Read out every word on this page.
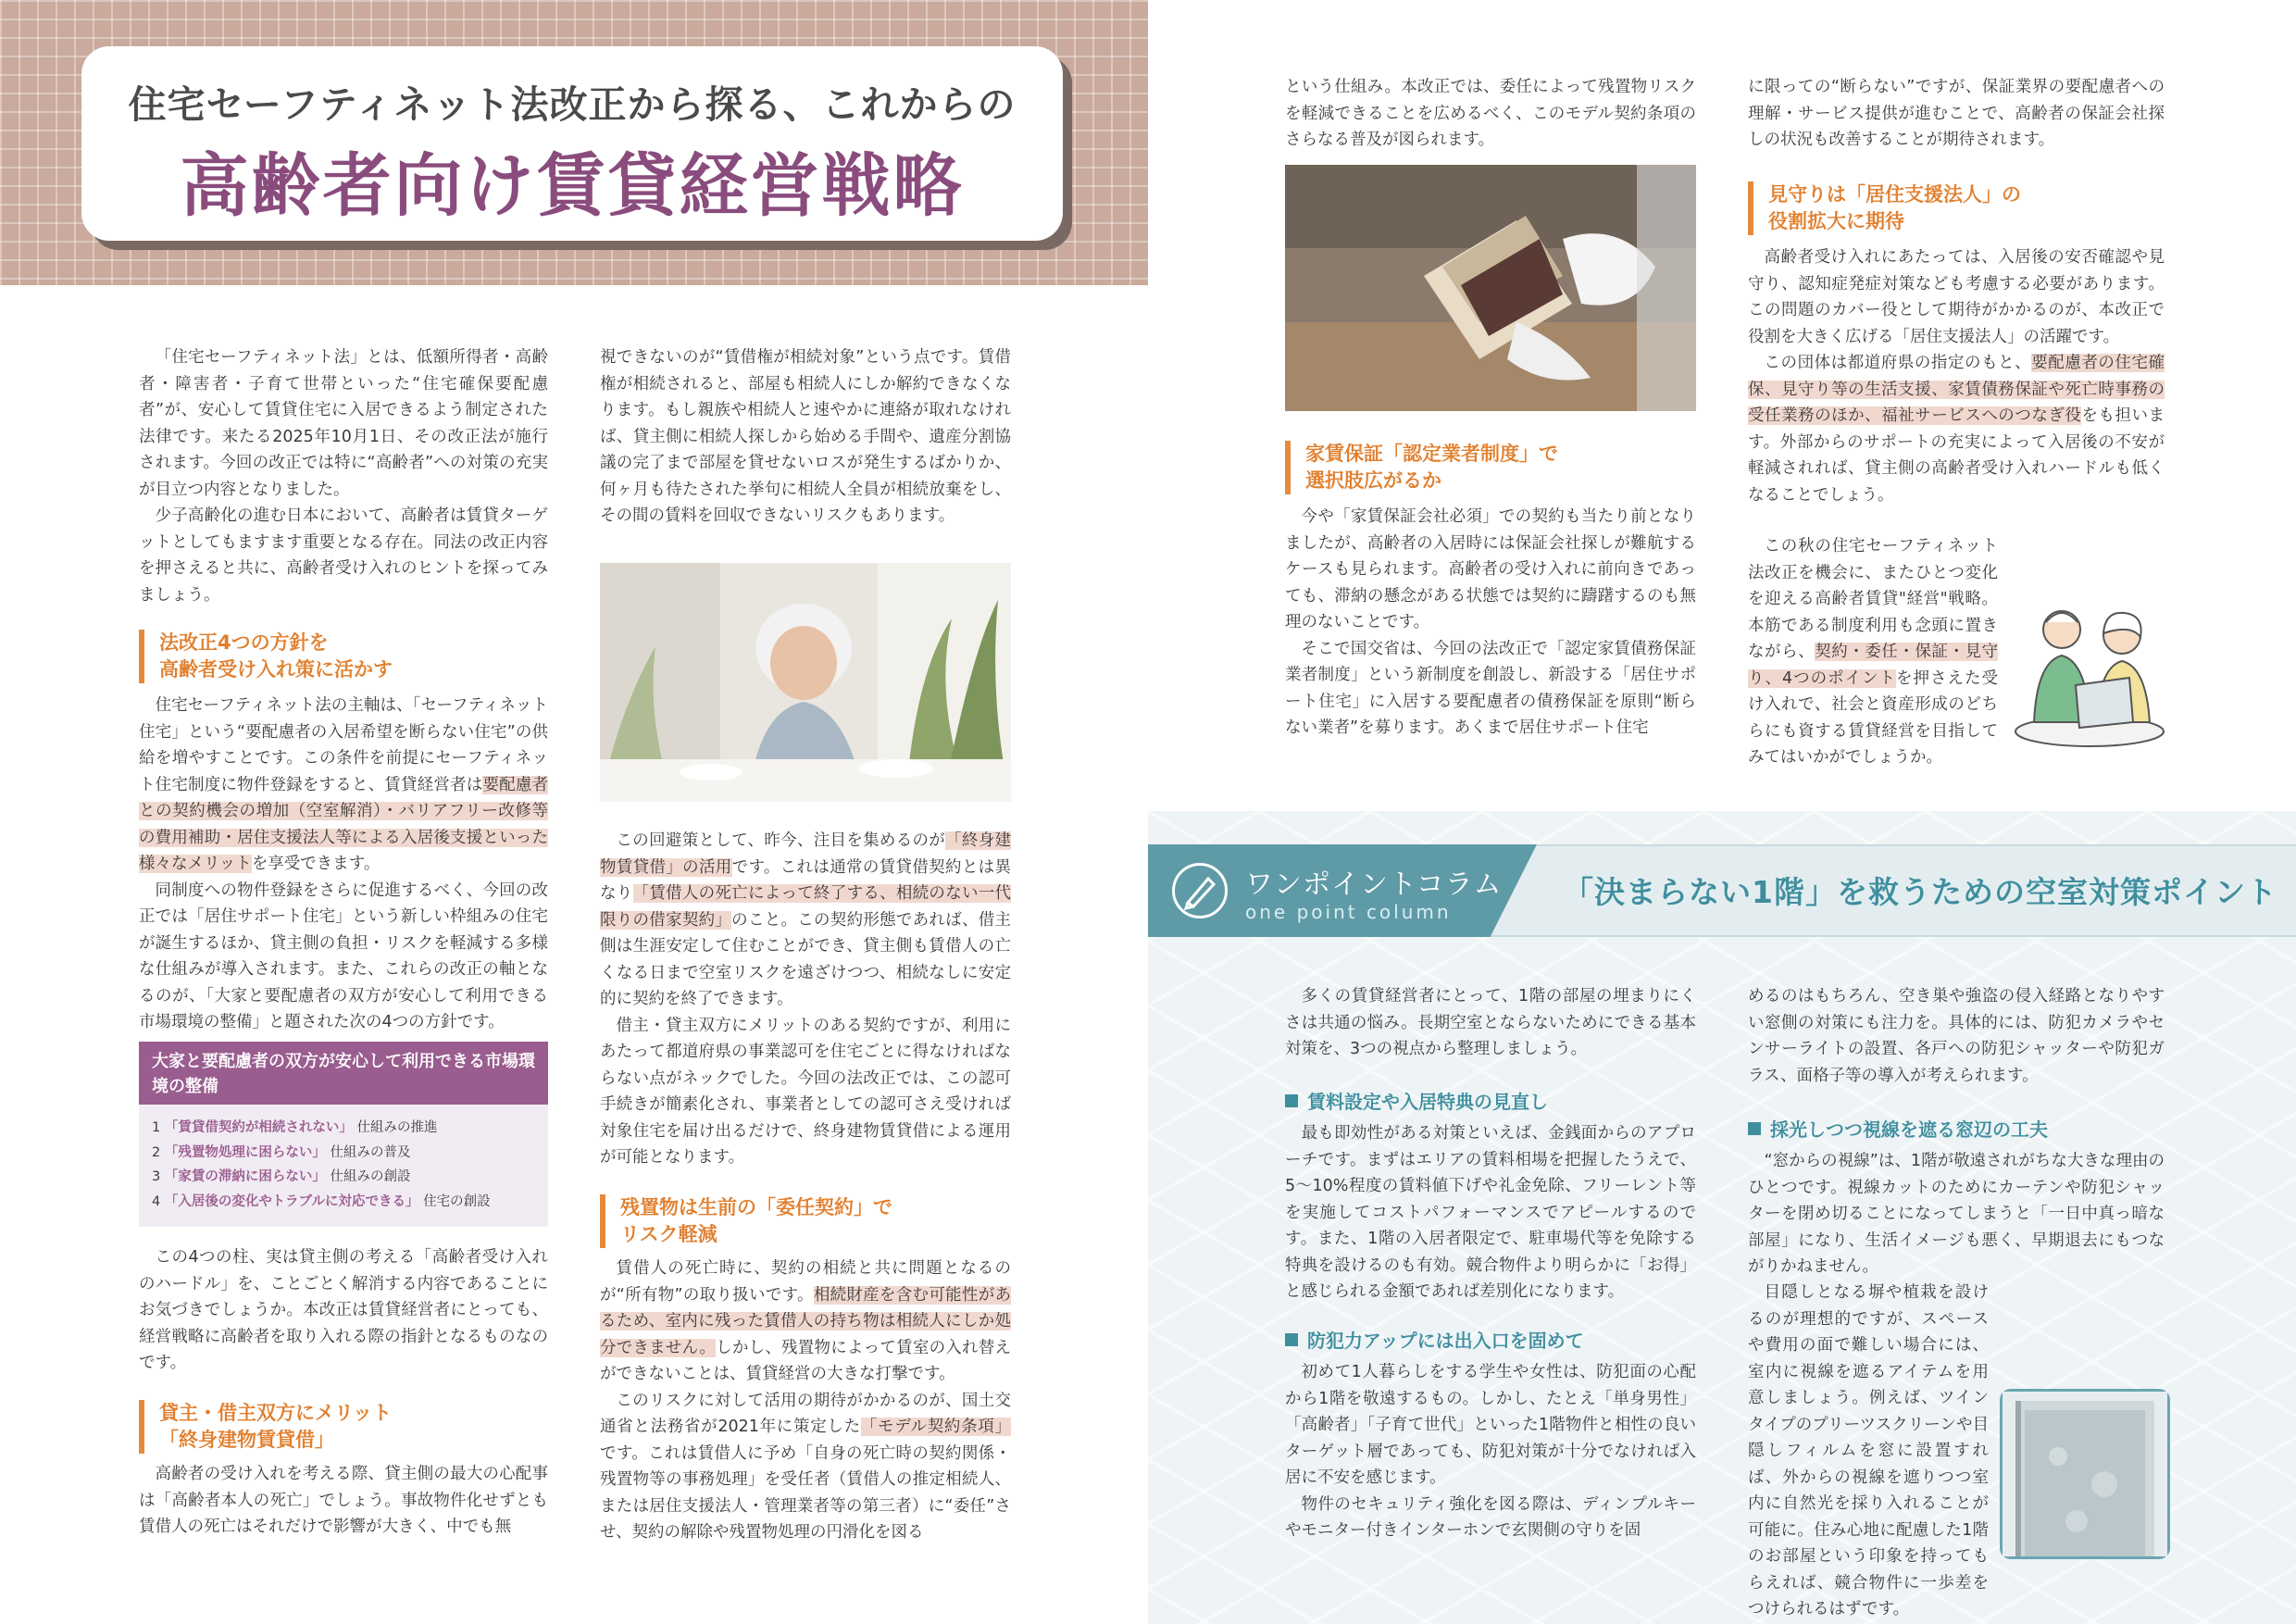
住宅セーフティネット法改正から探る、これからの
高齢者向け賃貸経営戦略

「住宅セーフティネット法」とは、低額所得者・高齢者・障害者・子育て世帯といった“住宅確保要配慮者”が、安心して賃貸住宅に入居できるよう制定された法律です。来たる2025年10月1日、その改正法が施行されます。今回の改正では特に“高齢者”への対策の充実が目立つ内容となりました。

少子高齢化の進む日本において、高齢者は賃貸ターゲットとしてもますます重要となる存在。同法の改正内容を押さえると共に、高齢者受け入れのヒントを探ってみましょう。

法改正4つの方針を
高齢者受け入れ策に活かす

住宅セーフティネット法の主軸は、「セーフティネット住宅」という“要配慮者の入居希望を断らない住宅”の供給を増やすことです。この条件を前提にセーフティネット住宅制度に物件登録をすると、賃貸経営者は要配慮者との契約機会の増加（空室解消）・バリアフリー改修等の費用補助・居住支援法人等による入居後支援といった様々なメリットを享受できます。

同制度への物件登録をさらに促進するべく、今回の改正では「居住サポート住宅」という新しい枠組みの住宅が誕生するほか、貸主側の負担・リスクを軽減する多様な仕組みが導入されます。また、これらの改正の軸となるのが、「大家と要配慮者の双方が安心して利用できる市場環境の整備」と題された次の4つの方針です。

大家と要配慮者の双方が安心して利用できる市場環境の整備
1 「賃貸借契約が相続されない」 仕組みの推進
2 「残置物処理に困らない」 仕組みの普及
3 「家賃の滞納に困らない」 仕組みの創設
4 「入居後の変化やトラブルに対応できる」 住宅の創設

この4つの柱、実は貸主側の考える「高齢者受け入れのハードル」を、ことごとく解消する内容であることにお気づきでしょうか。本改正は賃貸経営者にとっても、経営戦略に高齢者を取り入れる際の指針となるものなのです。

貸主・借主双方にメリット
「終身建物賃貸借」

高齢者の受け入れを考える際、貸主側の最大の心配事は「高齢者本人の死亡」でしょう。事故物件化せずとも賃借人の死亡はそれだけで影響が大きく、中でも無

視できないのが“賃借権が相続対象”という点です。賃借権が相続されると、部屋も相続人にしか解約できなくなります。もし親族や相続人と速やかに連絡が取れなければ、貸主側に相続人探しから始める手間や、遺産分割協議の完了まで部屋を貸せないロスが発生するばかりか、何ヶ月も待たされた挙句に相続人全員が相続放棄をし、その間の賃料を回収できないリスクもあります。

この回避策として、昨今、注目を集めるのが「終身建物賃貸借」の活用です。これは通常の賃貸借契約とは異なり「賃借人の死亡によって終了する、相続のない一代限りの借家契約」のこと。この契約形態であれば、借主側は生涯安定して住むことができ、貸主側も賃借人の亡くなる日まで空室リスクを遠ざけつつ、相続なしに安定的に契約を終了できます。

借主・貸主双方にメリットのある契約ですが、利用にあたって都道府県の事業認可を住宅ごとに得なければならない点がネックでした。今回の法改正では、この認可手続きが簡素化され、事業者としての認可さえ受ければ対象住宅を届け出るだけで、終身建物賃貸借による運用が可能となります。

残置物は生前の「委任契約」で
リスク軽減

賃借人の死亡時に、契約の相続と共に問題となるのが“所有物”の取り扱いです。相続財産を含む可能性があるため、室内に残った賃借人の持ち物は相続人にしか処分できません。しかし、残置物によって賃室の入れ替えができないことは、賃貸経営の大きな打撃です。

このリスクに対して活用の期待がかかるのが、国土交通省と法務省が2021年に策定した「モデル契約条項」です。これは賃借人に予め「自身の死亡時の契約関係・残置物等の事務処理」を受任者（賃借人の推定相続人、または居住支援法人・管理業者等の第三者）に“委任”させ、契約の解除や残置物処理の円滑化を図る

という仕組み。本改正では、委任によって残置物リスクを軽減できることを広めるべく、このモデル契約条項のさらなる普及が図られます。

家賃保証「認定業者制度」で
選択肢広がるか

今や「家賃保証会社必須」での契約も当たり前となりましたが、高齢者の入居時には保証会社探しが難航するケースも見られます。高齢者の受け入れに前向きであっても、滞納の懸念がある状態では契約に躊躇するのも無理のないことです。

そこで国交省は、今回の法改正で「認定家賃債務保証業者制度」という新制度を創設し、新設する「居住サポート住宅」に入居する要配慮者の債務保証を原則“断らない業者”を募ります。あくまで居住サポート住宅

に限っての“断らない”ですが、保証業界の要配慮者への理解・サービス提供が進むことで、高齢者の保証会社探しの状況も改善することが期待されます。

見守りは「居住支援法人」の
役割拡大に期待

高齢者受け入れにあたっては、入居後の安否確認や見守り、認知症発症対策なども考慮する必要があります。この問題のカバー役として期待がかかるのが、本改正で役割を大きく広げる「居住支援法人」の活躍です。

この団体は都道府県の指定のもと、要配慮者の住宅確保、見守り等の生活支援、家賃債務保証や死亡時事務の受任業務のほか、福祉サービスへのつなぎ役をも担います。外部からのサポートの充実によって入居後の不安が軽減されれば、貸主側の高齢者受け入れハードルも低くなることでしょう。

この秋の住宅セーフティネット法改正を機会に、またひとつ変化を迎える高齢者賃貸"経営"戦略。本筋である制度利用も念頭に置きながら、契約・委任・保証・見守り、4つのポイントを押さえた受け入れで、社会と資産形成のどちらにも資する賃貸経営を目指してみてはいかがでしょうか。

ワンポイントコラム
one point column
「決まらない1階」を救うための空室対策ポイント

多くの賃貸経営者にとって、1階の部屋の埋まりにくさは共通の悩み。長期空室とならないためにできる基本対策を、3つの視点から整理しましょう。

賃料設定や入居特典の見直し

最も即効性がある対策といえば、金銭面からのアプローチです。まずはエリアの賃料相場を把握したうえで、5〜10%程度の賃料値下げや礼金免除、フリーレント等を実施してコストパフォーマンスでアピールするのです。また、1階の入居者限定で、駐車場代等を免除する特典を設けるのも有効。競合物件より明らかに「お得」と感じられる金額であれば差別化になります。

防犯力アップには出入口を固めて

初めて1人暮らしをする学生や女性は、防犯面の心配から1階を敬遠するもの。しかし、たとえ「単身男性」「高齢者」「子育て世代」といった1階物件と相性の良いターゲット層であっても、防犯対策が十分でなければ入居に不安を感じます。

物件のセキュリティ強化を図る際は、ディンプルキーやモニター付きインターホンで玄関側の守りを固

めるのはもちろん、空き巣や強盗の侵入経路となりやすい窓側の対策にも注力を。具体的には、防犯カメラやセンサーライトの設置、各戸への防犯シャッターや防犯ガラス、面格子等の導入が考えられます。

採光しつつ視線を遮る窓辺の工夫

“窓からの視線”は、1階が敬遠されがちな大きな理由のひとつです。視線カットのためにカーテンや防犯シャッターを閉め切ることになってしまうと「一日中真っ暗な部屋」になり、生活イメージも悪く、早期退去にもつながりかねません。

目隠しとなる塀や植栽を設けるのが理想的ですが、スペースや費用の面で難しい場合には、室内に視線を遮るアイテムを用意しましょう。例えば、ツインタイプのプリーツスクリーンや目隠しフィルムを窓に設置すれば、外からの視線を遮りつつ室内に自然光を採り入れることが可能に。住み心地に配慮した1階のお部屋という印象を持ってもらえれば、競合物件に一歩差をつけられるはずです。
